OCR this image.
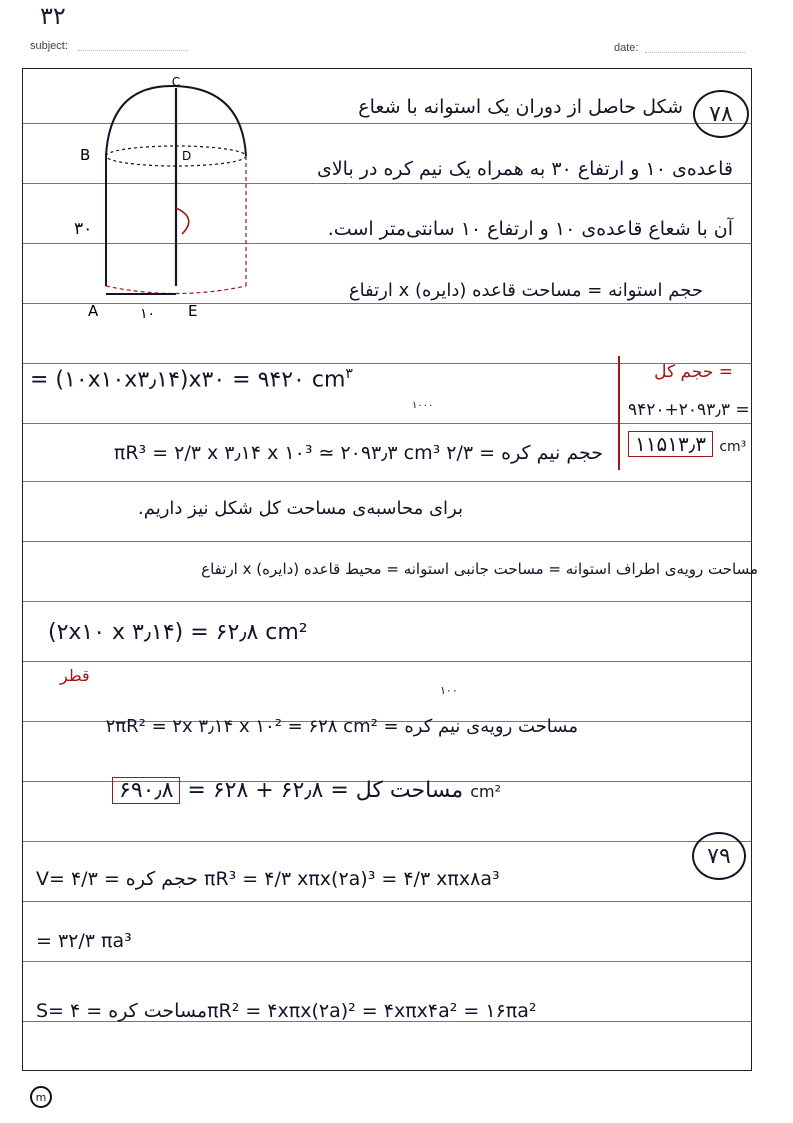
۳۲
subject:	date:
۷۸
شکل حاصل از دوران یک استوانه با شعاع
قاعده‌ی ۱۰ و ارتفاع ۳۰ به همراه یک نیم کره در بالای
آن با شعاع قاعده‌ی ۱۰ و ارتفاع ۱۰ سانتی‌متر است.
C
B	D
A	E
۳۰
۱۰
حجم استوانه = مساحت قاعده (دایره) x ارتفاع
= (۱۰x۱۰x۳٫۱۴)x۳۰ = ۹۴۲۰ $cm^۳$
حجم نیم کره = ۲/۳ πR³ = ۲/۳ x ۳٫۱۴ x ۱۰³ ≃ ۲۰۹۳٫۳ cm³
۱۰۰۰
= حجم کل
۹۴۲۰+۲۰۹۳٫۳ =
۱۱۵۱۳٫۳ cm³
برای محاسبه‌ی مساحت کل شکل نیز داریم.
مساحت رویه‌ی اطراف استوانه = مساحت جانبی استوانه = محیط قاعده (دایره) x ارتفاع
(۲x۱۰ x ۳٫۱۴) = ۶۲٫۸ cm²
قطر
۱۰۰
مساحت رویه‌ی نیم کره = ۲πR² = ۲x ۳٫۱۴ x ۱۰² = ۶۲۸ cm²
مساحت کل = ۶۲٫۸ + ۶۲۸ = ۶۹۰٫۸	cm²
۷۹
V= حجم کره = ۴/۳ πR³ = ۴/۳ xπx(۲a)³ = ۴/۳ xπx۸a³
= ۳۲/۳ πa³
S= مساحت کره = ۴πR² = ۴xπx(۲a)² = ۴xπx۴a² = ۱۶πa²
m
